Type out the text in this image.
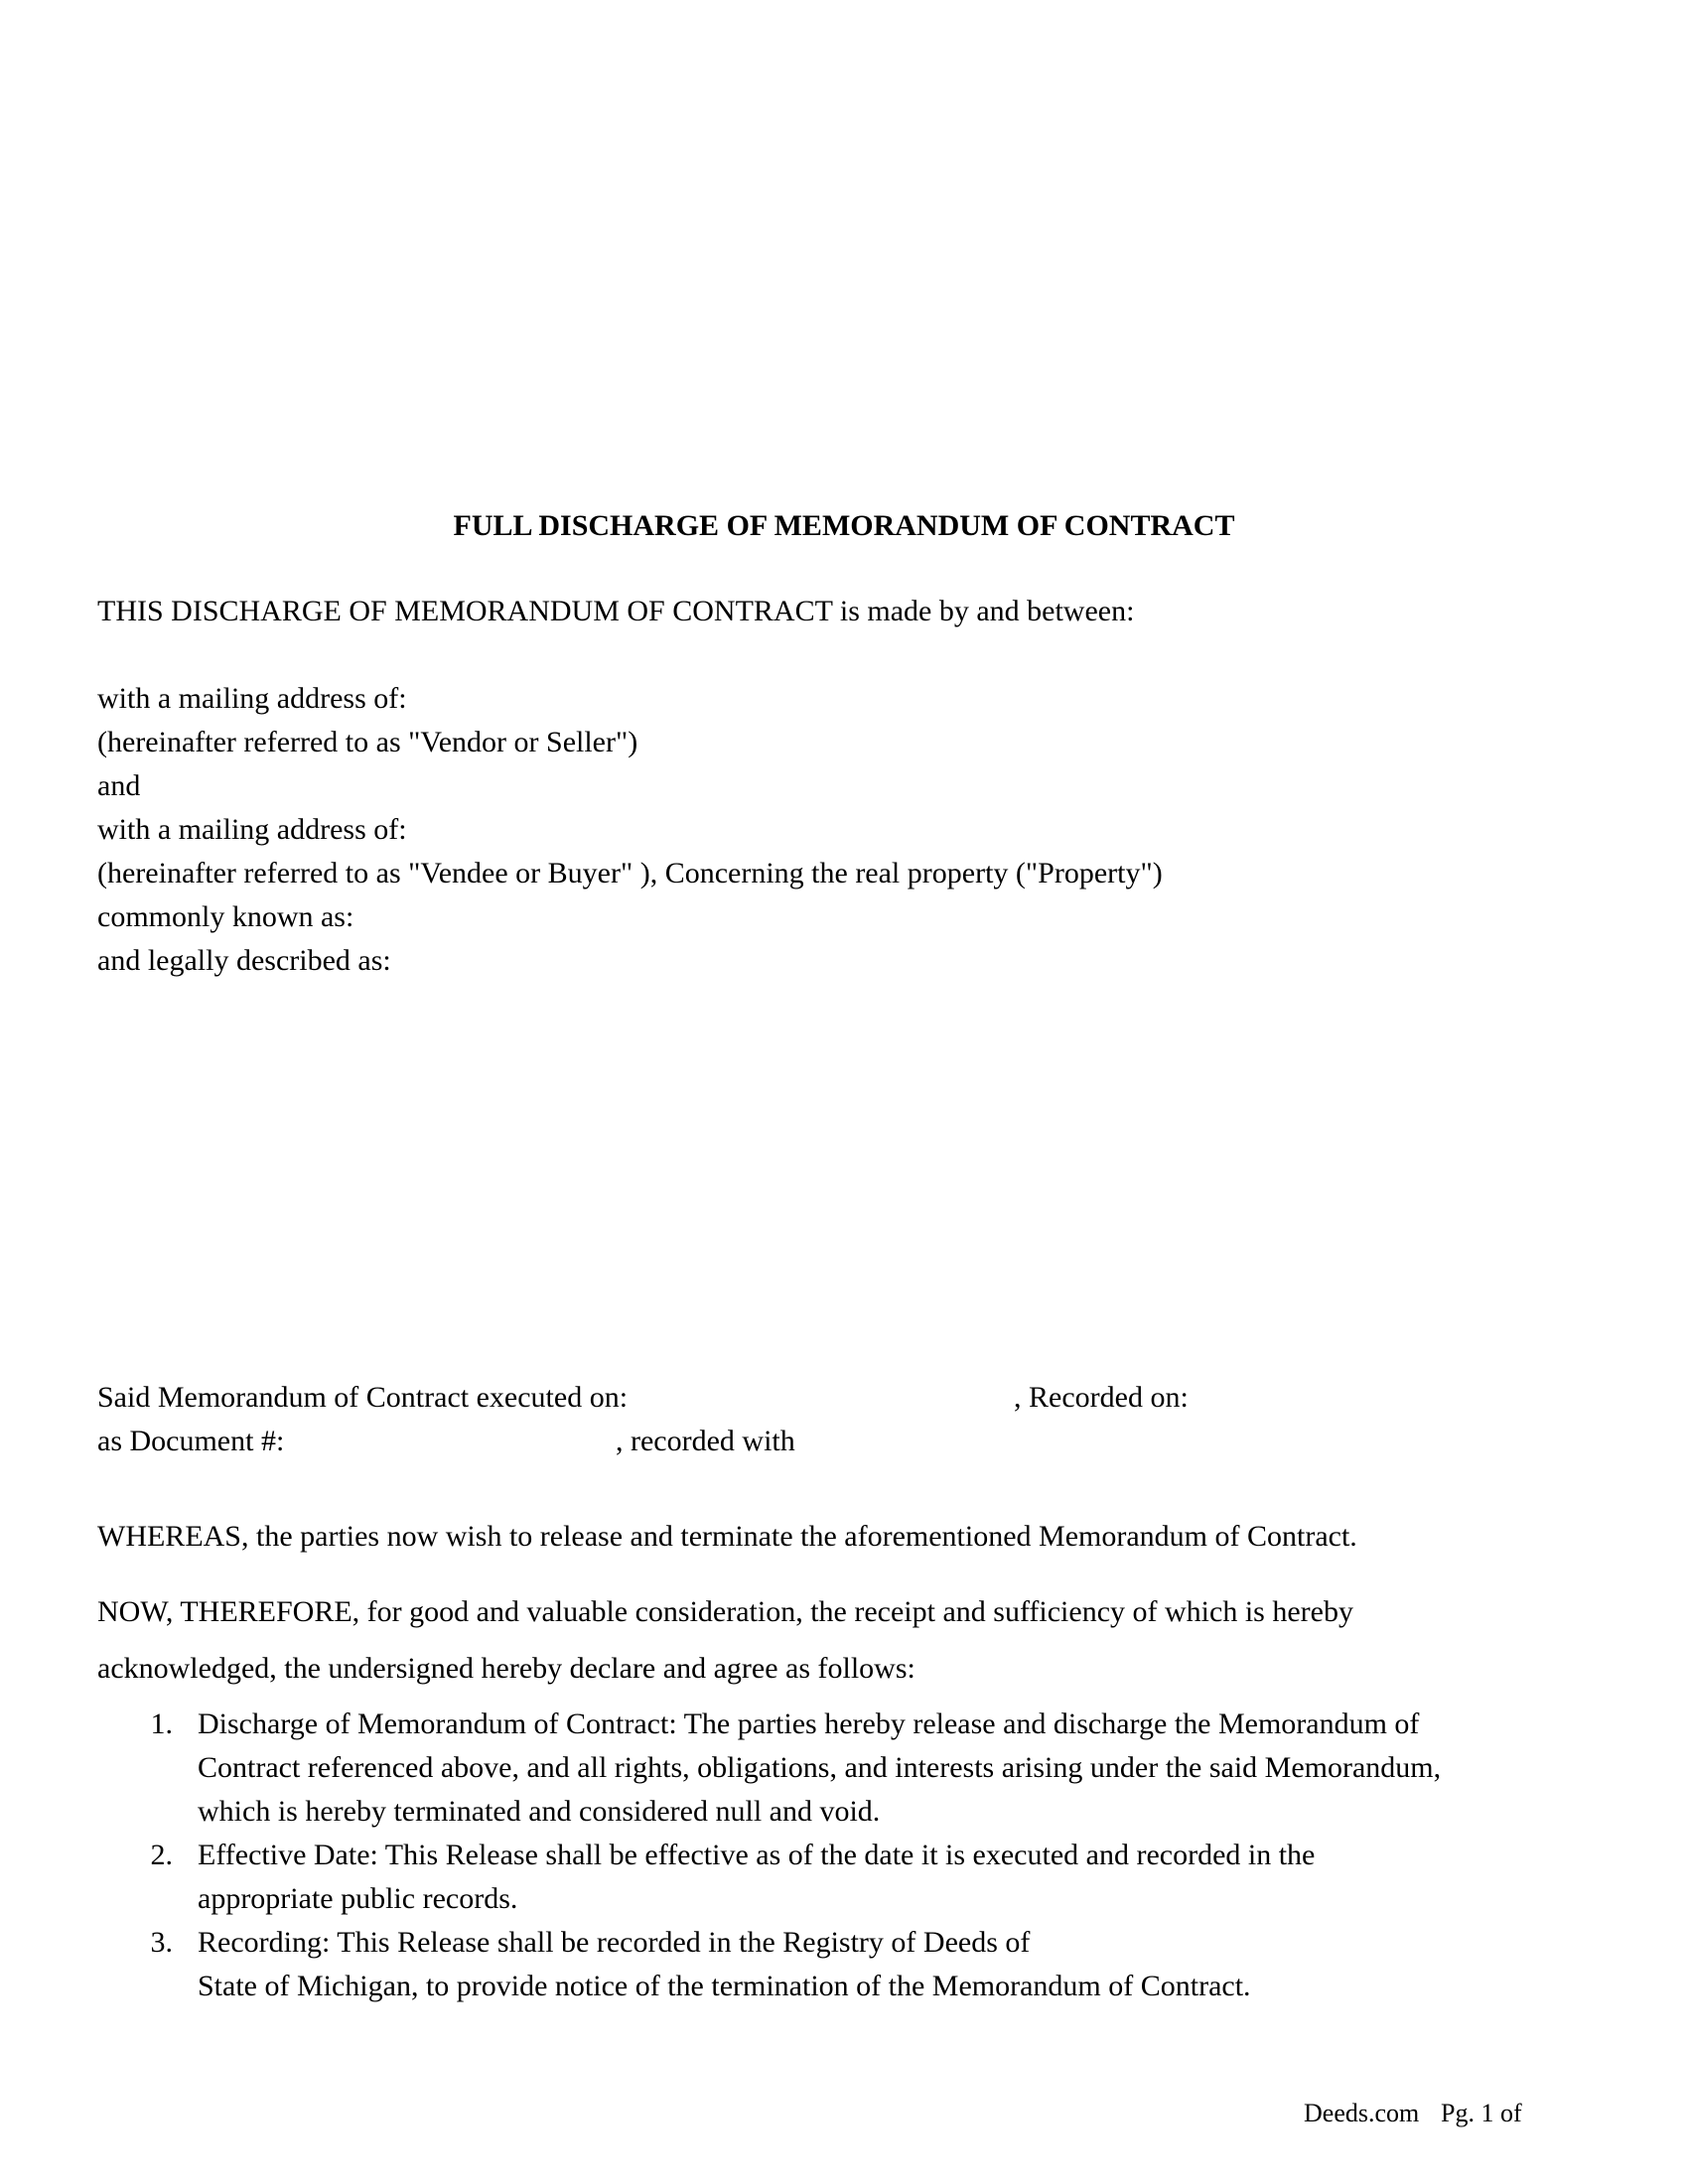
FULL DISCHARGE OF MEMORANDUM OF CONTRACT
THIS DISCHARGE OF MEMORANDUM OF CONTRACT is made by and between:
with a mailing address of:
(hereinafter referred to as "Vendor or Seller")
and
with a mailing address of:
(hereinafter referred to as "Vendee or Buyer" ), Concerning the real property ("Property")
commonly known as:
and legally described as:
Said Memorandum of Contract executed on:	, Recorded on:
as Document #:	, recorded with
WHEREAS, the parties now wish to release and terminate the aforementioned Memorandum of Contract.
NOW, THEREFORE, for good and valuable consideration, the receipt and sufficiency of which is hereby
acknowledged, the undersigned hereby declare and agree as follows:
1. Discharge of Memorandum of Contract: The parties hereby release and discharge the Memorandum of
Contract referenced above, and all rights, obligations, and interests arising under the said Memorandum,
which is hereby terminated and considered null and void.
2. Effective Date: This Release shall be effective as of the date it is executed and recorded in the
appropriate public records.
3. Recording: This Release shall be recorded in the Registry of Deeds of
State of Michigan, to provide notice of the termination of the Memorandum of Contract.
Deeds.com Pg. 1 of
